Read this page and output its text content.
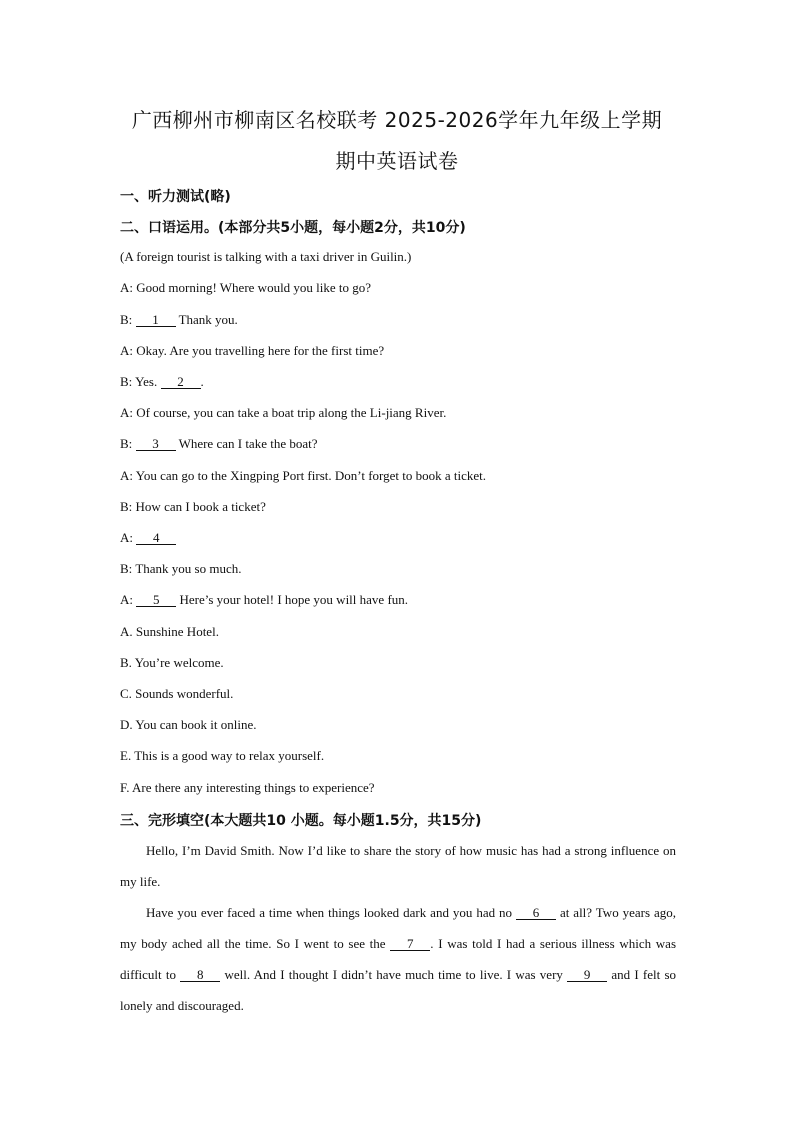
广西柳州市柳南区名校联考 2025-2026学年九年级上学期
期中英语试卷
一、听力测试(略)
二、口语运用。(本部分共5小题，每小题2分，共10分)
(A foreign tourist is talking with a taxi driver in Guilin.)
A: Good morning! Where would you like to go?
B: 1 Thank you.
A: Okay. Are you travelling here for the first time?
B: Yes. 2 .
A: Of course, you can take a boat trip along the Li-jiang River.
B: 3 Where can I take the boat?
A: You can go to the Xingping Port first. Don’t forget to book a ticket.
B: How can I book a ticket?
A: 4
B: Thank you so much.
A: 5 Here’s your hotel! I hope you will have fun.
A. Sunshine Hotel.
B. You’re welcome.
C. Sounds wonderful.
D. You can book it online.
E. This is a good way to relax yourself.
F. Are there any interesting things to experience?
三、完形填空(本大题共10 小题。每小题1.5分，共15分)
Hello, I’m David Smith. Now I’d like to share the story of how music has had a strong influence on my life.
Have you ever faced a time when things looked dark and you had no 6 at all? Two years ago, my body ached all the time. So I went to see the 7 . I was told I had a serious illness which was difficult to 8 well. And I thought I didn’t have much time to live. I was very 9 and I felt so lonely and discouraged.
